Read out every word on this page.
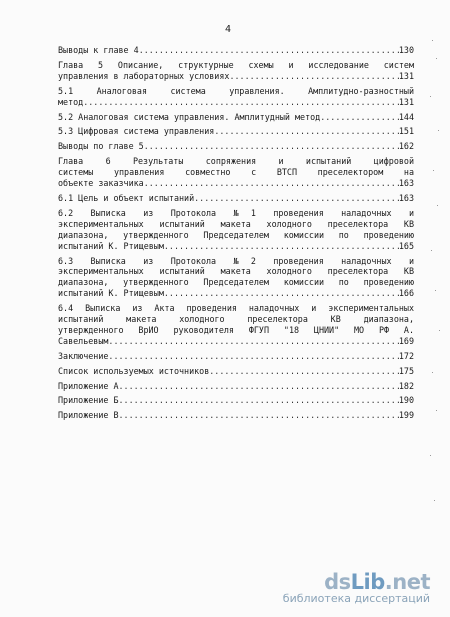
4
Выводы к главе 4 .....	130
Глава 5 Описание, структурные схемы и исследование систем
управления в лабораторных условиях .....	131
5.1 Аналоговая система управления. Амплитудно-разностный
метод .....	131
5.2 Аналоговая система управления. Амплитудный метод .....	144
5.3 Цифровая система управления .....	151
Выводы по главе 5 .....	162
Глава 6 Результаты сопряжения и испытаний цифровой
системы управления совместно с ВТСП преселектором на
объекте заказчика .....	163
6.1 Цель и объект испытаний .....	163
6.2 Выписка из Протокола №1 проведения наладочных и
экспериментальных испытаний макета холодного преселектора КВ
диапазона, утвержденного Председателем комиссии по проведению
испытаний К. Ртищевым .....	165
6.3 Выписка из Протокола №2 проведения наладочных и
экспериментальных испытаний макета холодного преселектора КВ
диапазона, утвержденного Председателем комиссии по проведению
испытаний К. Ртищевым .....	166
6.4 Выписка из Акта проведения наладочных и экспериментальных
испытаний макета холодного преселектора КВ диапазона,
утвержденного ВрИО руководителя ФГУП "18 ЦНИИ" МО РФ А.
Савельевым .....	169
Заключение .....	172
Список используемых источников .....	175
Приложение А .....	182
Приложение Б .....	190
Приложение В .....	199
dsLib.net
библиотека диссертаций
